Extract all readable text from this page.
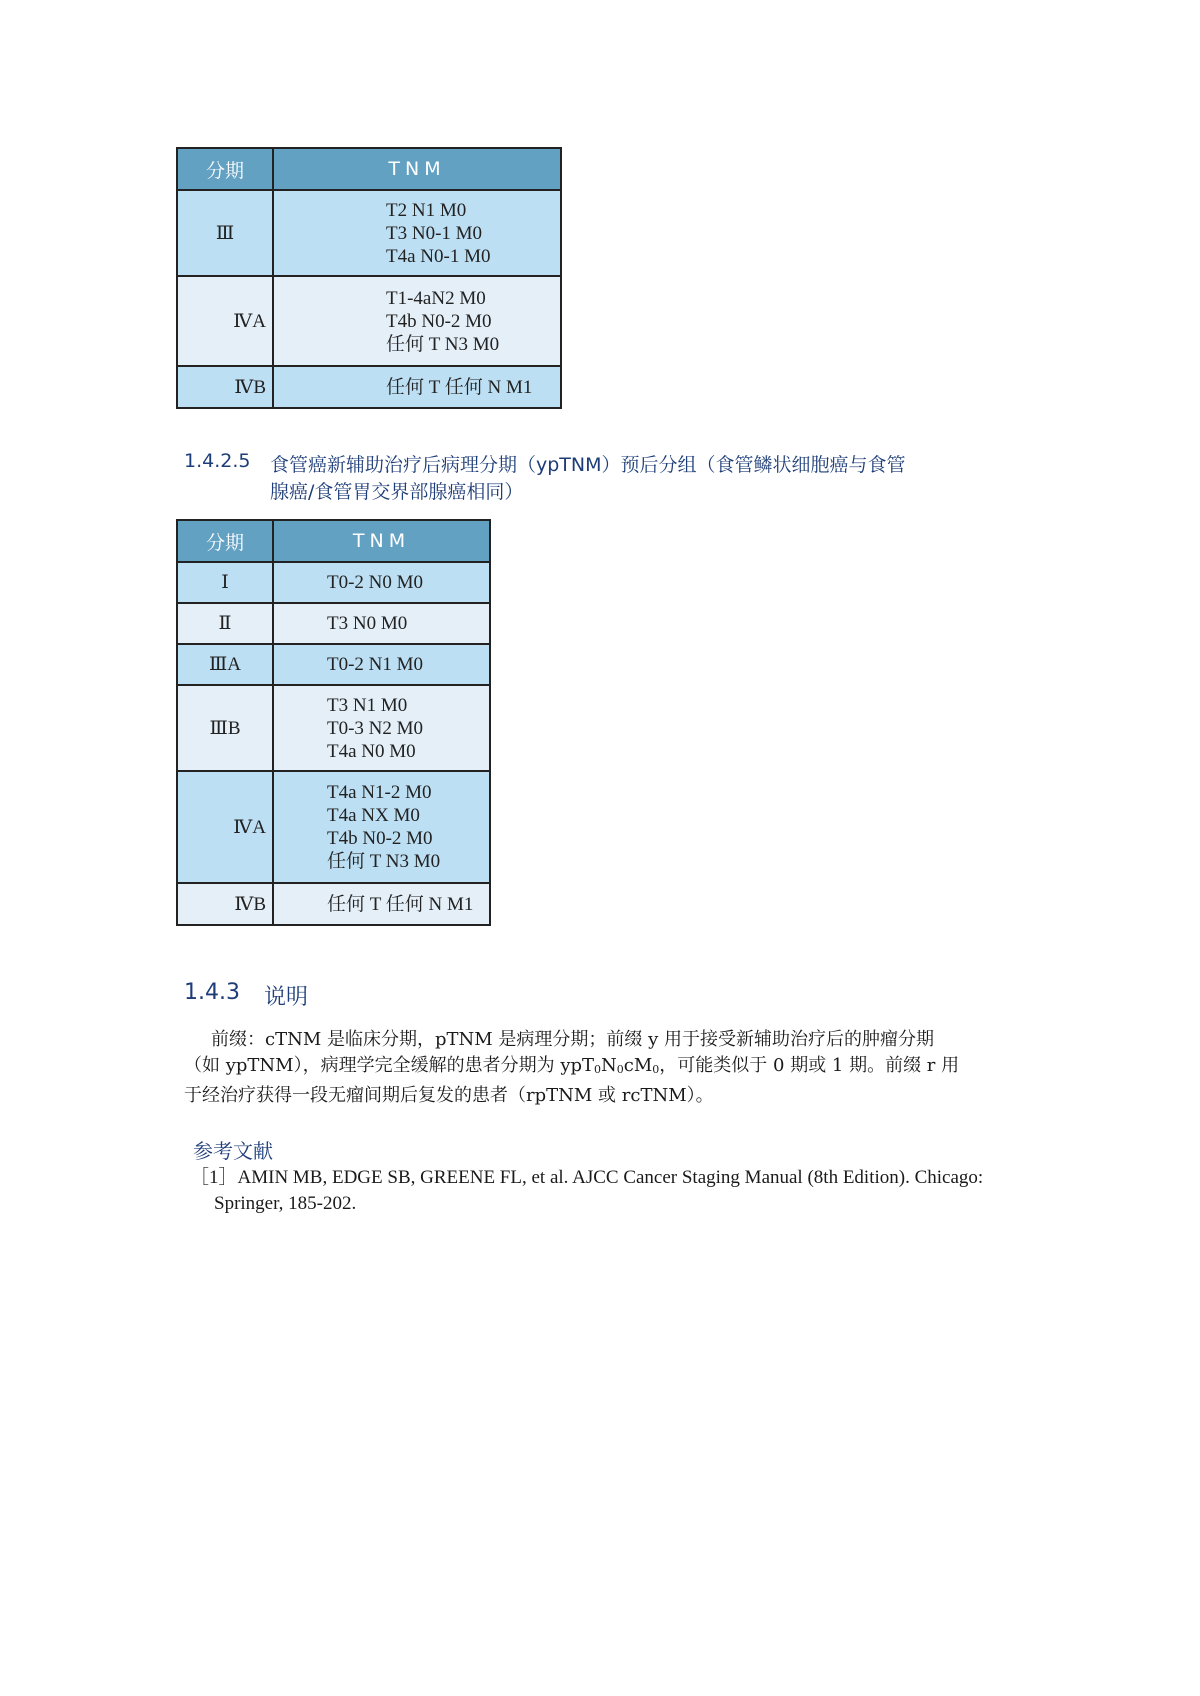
分期	TNM
Ⅲ	T2 N1 M0
T3 N0-1 M0
T4a N0-1 M0

ⅣA	T1-4aN2 M0
T4b N0-2 M0
任何 T N3 M0

ⅣB	任何 T 任何 N M1
1.4.2.5 食管癌新辅助治疗后病理分期（ypTNM）预后分组（食管鳞状细胞癌与食管
腺癌/食管胃交界部腺癌相同）
分期	TNM
Ⅰ	T0-2 N0 M0

Ⅱ	T3 N0 M0

ⅢA	T0-2 N1 M0

ⅢB	T3 N1 M0
T0-3 N2 M0
T4a N0 M0

ⅣA	T4a N1-2 M0
T4a NX M0
T4b N0-2 M0
任何 T N3 M0

ⅣB	任何 T 任何 N M1
1.4.3 说明
前缀：cTNM 是临床分期，pTNM 是病理分期；前缀 y 用于接受新辅助治疗后的肿瘤分期
（如 ypTNM），病理学完全缓解的患者分期为 $ypT_0N_0cM_0$，可能类似于 0 期或 1 期。前缀 r 用
于经治疗获得一段无瘤间期后复发的患者（rpTNM 或 rcTNM）。
参考文献
［1］AMIN MB, EDGE SB, GREENE FL, et al. AJCC Cancer Staging Manual (8th Edition). Chicago:
Springer, 185-202.
